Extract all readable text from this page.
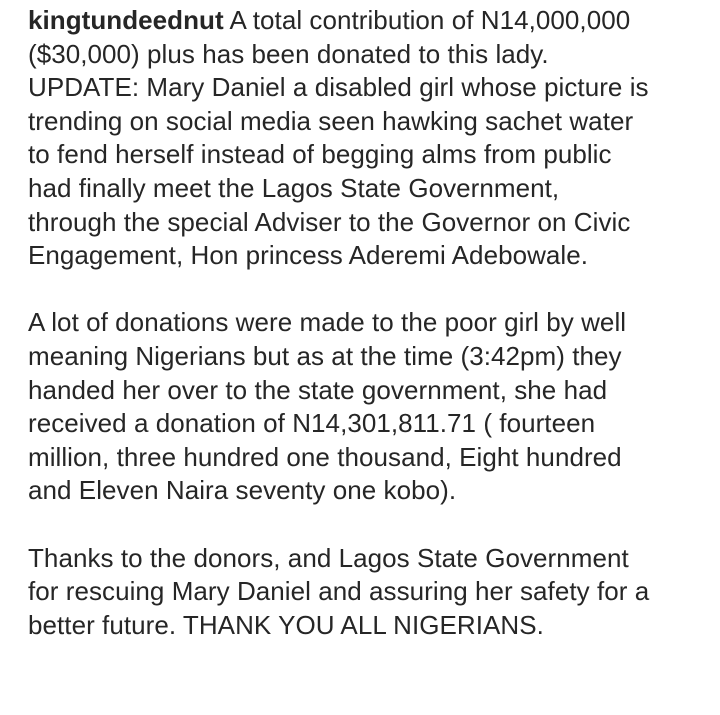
kingtundeednut A total contribution of N14,000,000
($30,000) plus has been donated to this lady.
UPDATE: Mary Daniel a disabled girl whose picture is
trending on social media seen hawking sachet water
to fend herself instead of begging alms from public
had finally meet the Lagos State Government,
through the special Adviser to the Governor on Civic
Engagement, Hon princess Aderemi Adebowale.

A lot of donations were made to the poor girl by well
meaning Nigerians but as at the time (3:42pm) they
handed her over to the state government, she had
received a donation of N14,301,811.71 ( fourteen
million, three hundred one thousand, Eight hundred
and Eleven Naira seventy one kobo).

Thanks to the donors, and Lagos State Government
for rescuing Mary Daniel and assuring her safety for a
better future. THANK YOU ALL NIGERIANS.
